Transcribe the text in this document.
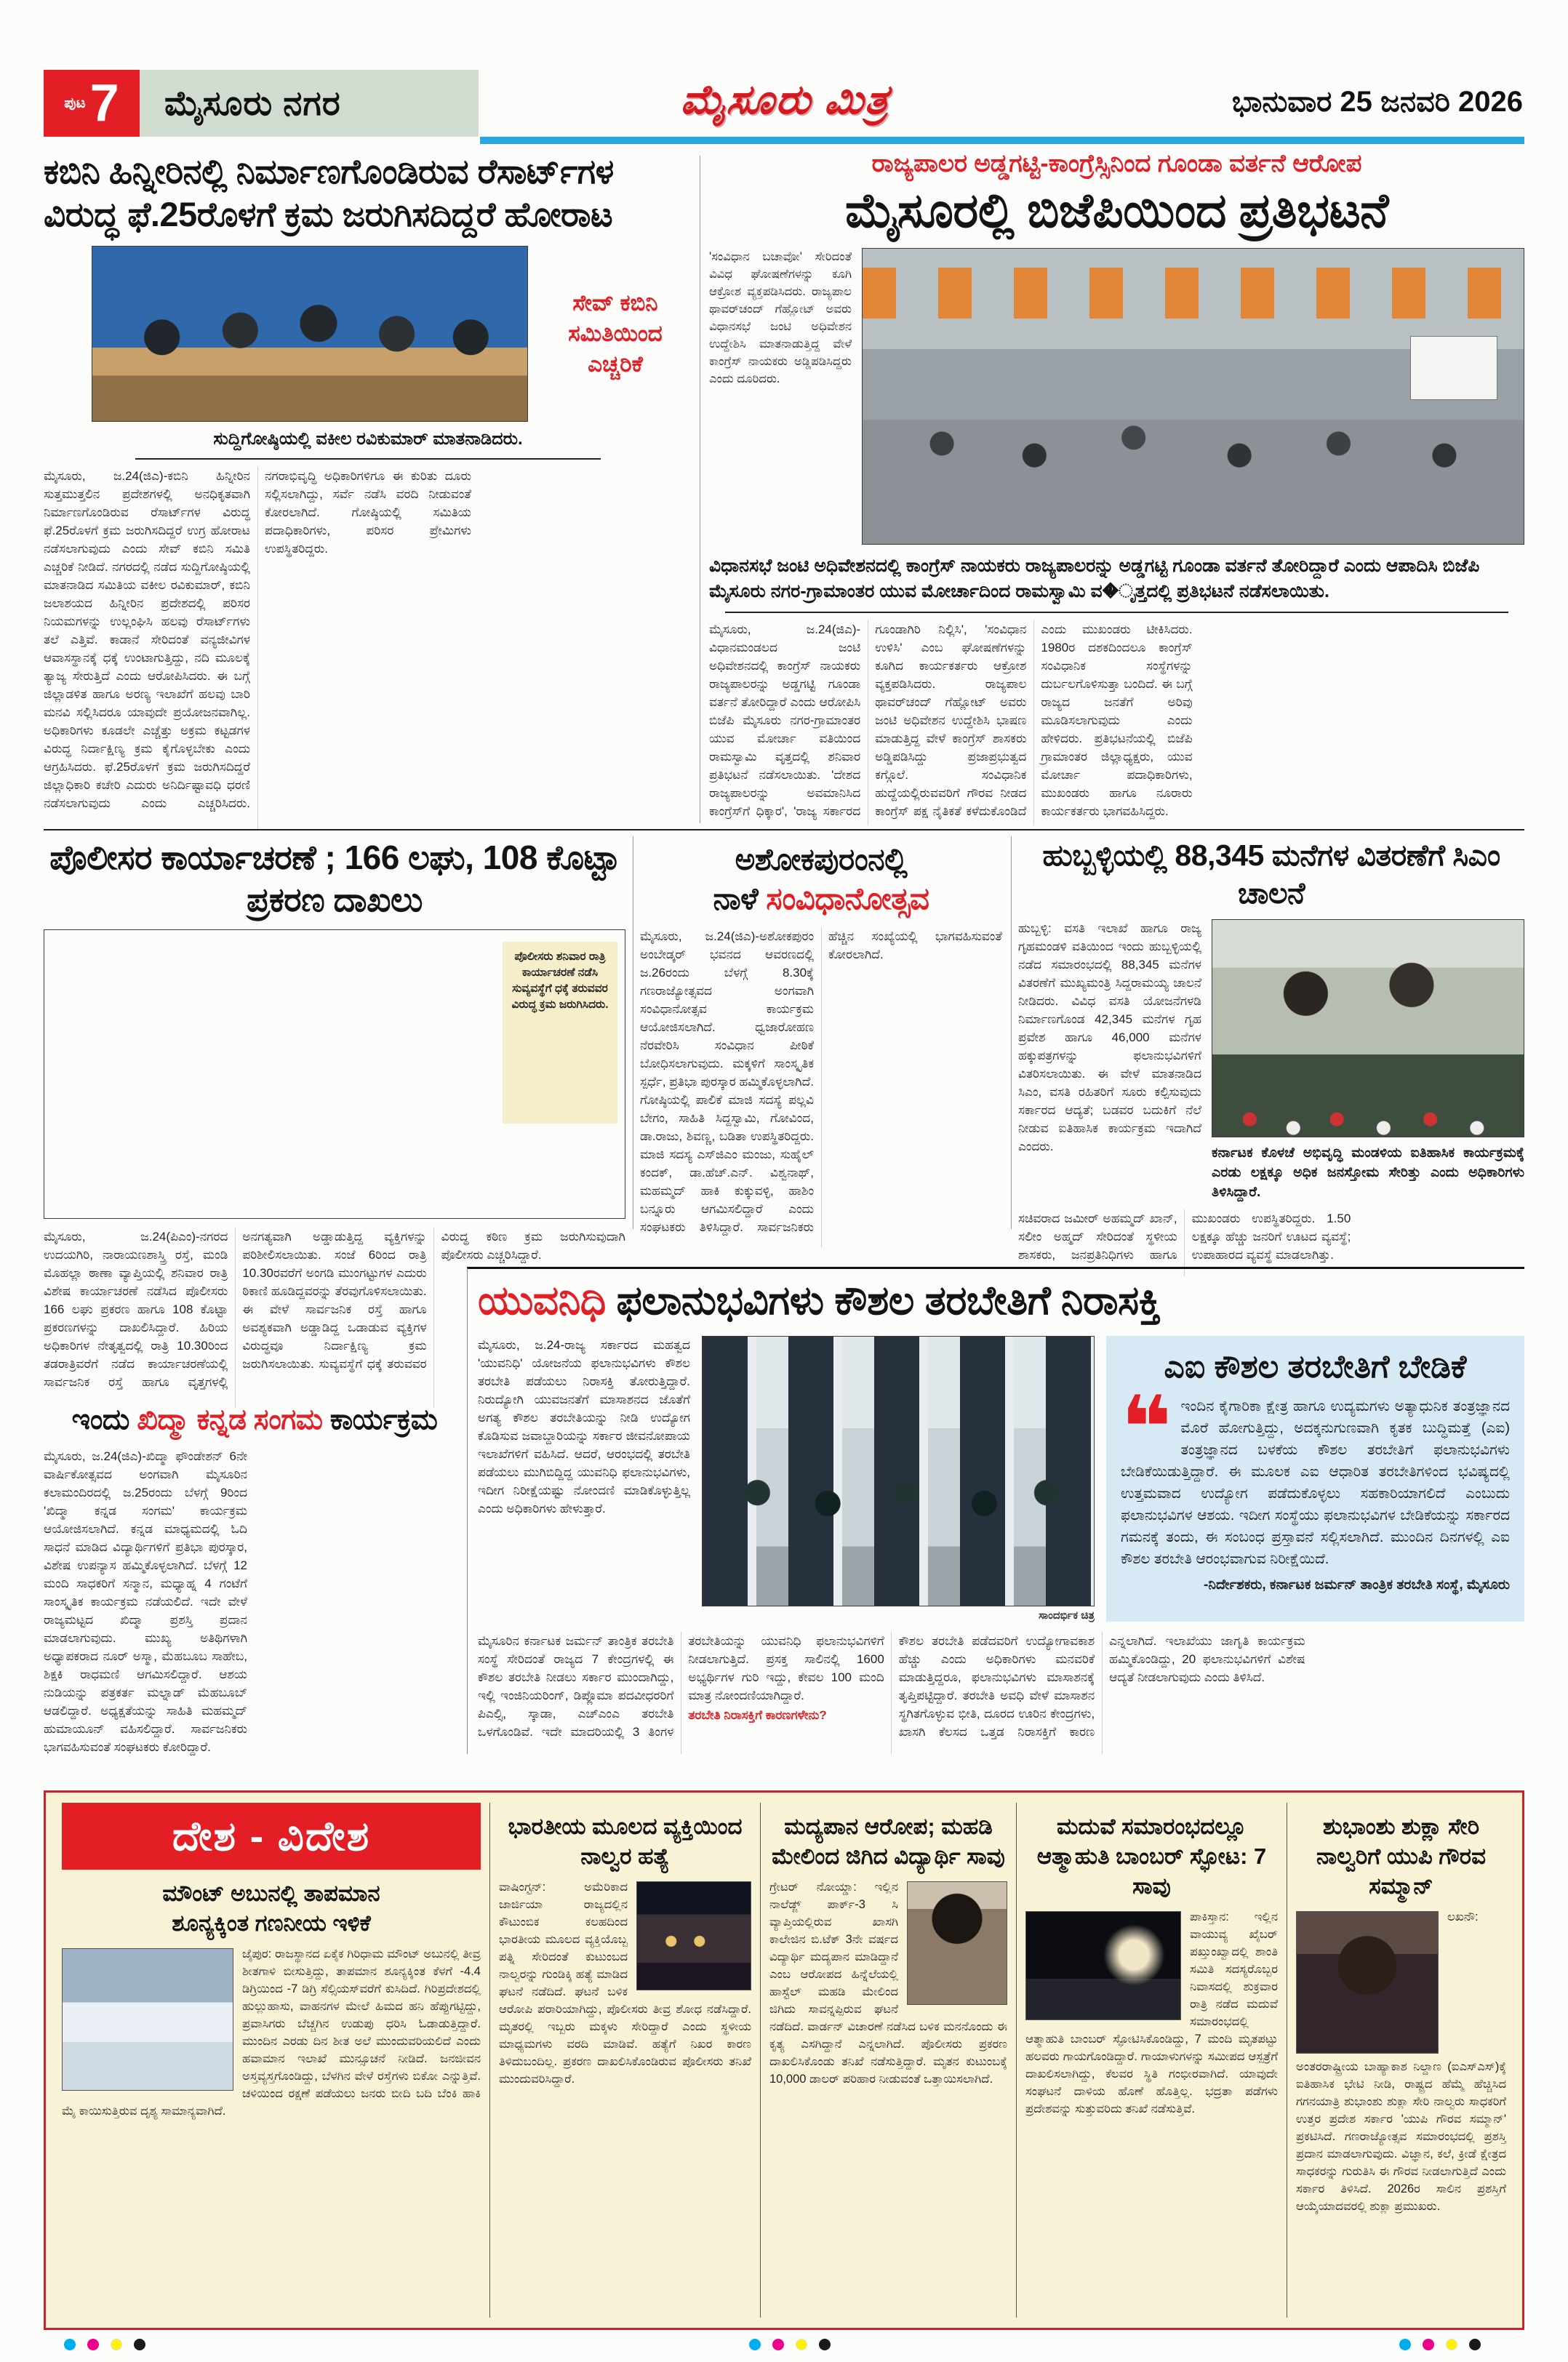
ಪುಟ 7	ಮೈಸೂರು ನಗರ	ಮೈಸೂರು ಮಿತ್ರ	ಭಾನುವಾರ 25 ಜನವರಿ 2026
ಕಬಿನಿ ಹಿನ್ನೀರಿನಲ್ಲಿ ನಿರ್ಮಾಣಗೊಂಡಿರುವ ರೆಸಾರ್ಟ್‌ಗಳ ವಿರುದ್ಧ ಫೆ.25ರೊಳಗೆ ಕ್ರಮ ಜರುಗಿಸದಿದ್ದರೆ ಹೋರಾಟ
ಸೇವ್ ಕಬಿನಿ ಸಮಿತಿಯಿಂದ ಎಚ್ಚರಿಕೆ
ಸುದ್ದಿಗೋಷ್ಠಿಯಲ್ಲಿ ವಕೀಲ ರವಿಕುಮಾರ್ ಮಾತನಾಡಿದರು.
ಮೈಸೂರು, ಜ.24(ಜಿಎ)-ಕಬಿನಿ ಹಿನ್ನೀರಿನ ಸುತ್ತಮುತ್ತಲಿನ ಪ್ರದೇಶಗಳಲ್ಲಿ ಅನಧಿಕೃತವಾಗಿ ನಿರ್ಮಾಣಗೊಂಡಿರುವ ರೆಸಾರ್ಟ್‌ಗಳ ವಿರುದ್ಧ ಫೆ.25ರೊಳಗೆ ಕ್ರಮ ಜರುಗಿಸದಿದ್ದರೆ ಉಗ್ರ ಹೋರಾಟ ನಡೆಸಲಾಗುವುದು ಎಂದು ಸೇವ್ ಕಬಿನಿ ಸಮಿತಿ ಎಚ್ಚರಿಕೆ ನೀಡಿದೆ. ನಗರದಲ್ಲಿ ನಡೆದ ಸುದ್ದಿಗೋಷ್ಠಿಯಲ್ಲಿ ಮಾತನಾಡಿದ ಸಮಿತಿಯ ವಕೀಲ ರವಿಕುಮಾರ್, ಕಬಿನಿ ಜಲಾಶಯದ ಹಿನ್ನೀರಿನ ಪ್ರದೇಶದಲ್ಲಿ ಪರಿಸರ ನಿಯಮಗಳನ್ನು ಉಲ್ಲಂಘಿಸಿ ಹಲವು ರೆಸಾರ್ಟ್‌ಗಳು ತಲೆ ಎತ್ತಿವೆ. ಕಾಡಾನೆ ಸೇರಿದಂತೆ ವನ್ಯಜೀವಿಗಳ ಆವಾಸಸ್ಥಾನಕ್ಕೆ ಧಕ್ಕೆ ಉಂಟಾಗುತ್ತಿದ್ದು, ನದಿ ಮೂಲಕ್ಕೆ ತ್ಯಾಜ್ಯ ಸೇರುತ್ತಿದೆ ಎಂದು ಆರೋಪಿಸಿದರು. ಈ ಬಗ್ಗೆ ಜಿಲ್ಲಾಡಳಿತ ಹಾಗೂ ಅರಣ್ಯ ಇಲಾಖೆಗೆ ಹಲವು ಬಾರಿ ಮನವಿ ಸಲ್ಲಿಸಿದರೂ ಯಾವುದೇ ಪ್ರಯೋಜನವಾಗಿಲ್ಲ. ಅಧಿಕಾರಿಗಳು ಕೂಡಲೇ ಎಚ್ಚೆತ್ತು ಅಕ್ರಮ ಕಟ್ಟಡಗಳ ವಿರುದ್ಧ ನಿರ್ದಾಕ್ಷಿಣ್ಯ ಕ್ರಮ ಕೈಗೊಳ್ಳಬೇಕು ಎಂದು ಆಗ್ರಹಿಸಿದರು. ಫೆ.25ರೊಳಗೆ ಕ್ರಮ ಜರುಗಿಸದಿದ್ದರೆ ಜಿಲ್ಲಾಧಿಕಾರಿ ಕಚೇರಿ ಎದುರು ಅನಿರ್ದಿಷ್ಟಾವಧಿ ಧರಣಿ ನಡೆಸಲಾಗುವುದು ಎಂದು ಎಚ್ಚರಿಸಿದರು. ನಗರಾಭಿವೃದ್ಧಿ ಅಧಿಕಾರಿಗಳಿಗೂ ಈ ಕುರಿತು ದೂರು ಸಲ್ಲಿಸಲಾಗಿದ್ದು, ಸರ್ವೆ ನಡೆಸಿ ವರದಿ ನೀಡುವಂತೆ ಕೋರಲಾಗಿದೆ. ಗೋಷ್ಠಿಯಲ್ಲಿ ಸಮಿತಿಯ ಪದಾಧಿಕಾರಿಗಳು, ಪರಿಸರ ಪ್ರೇಮಿಗಳು ಉಪಸ್ಥಿತರಿದ್ದರು.
ರಾಜ್ಯಪಾಲರ ಅಡ್ಡಗಟ್ಟಿ-ಕಾಂಗ್ರೆಸ್ಸಿನಿಂದ ಗೂಂಡಾ ವರ್ತನೆ ಆರೋಪ
ಮೈಸೂರಲ್ಲಿ ಬಿಜೆಪಿಯಿಂದ ಪ್ರತಿಭಟನೆ
'ಸಂವಿಧಾನ ಬಚಾವೋ' ಸೇರಿದಂತೆ ವಿವಿಧ ಘೋಷಣೆಗಳನ್ನು ಕೂಗಿ ಆಕ್ರೋಶ ವ್ಯಕ್ತಪಡಿಸಿದರು. ರಾಜ್ಯಪಾಲ ಥಾವರ್‌ಚಂದ್ ಗೆಹ್ಲೋಟ್ ಅವರು ವಿಧಾನಸಭೆ ಜಂಟಿ ಅಧಿವೇಶನ ಉದ್ದೇಶಿಸಿ ಮಾತನಾಡುತ್ತಿದ್ದ ವೇಳೆ ಕಾಂಗ್ರೆಸ್ ನಾಯಕರು ಅಡ್ಡಿಪಡಿಸಿದ್ದರು ಎಂದು ದೂರಿದರು.
ವಿಧಾನಸಭೆ ಜಂಟಿ ಅಧಿವೇಶನದಲ್ಲಿ ಕಾಂಗ್ರೆಸ್ ನಾಯಕರು ರಾಜ್ಯಪಾಲರನ್ನು ಅಡ್ಡಗಟ್ಟಿ ಗೂಂಡಾ ವರ್ತನೆ ತೋರಿದ್ದಾರೆ ಎಂದು ಆಪಾದಿಸಿ ಬಿಜೆಪಿ ಮೈಸೂರು ನಗರ-ಗ್ರಾಮಾಂತರ ಯುವ ಮೋರ್ಚಾದಿಂದ ರಾಮಸ್ವಾಮಿ ವ�ೃತ್ತದಲ್ಲಿ ಪ್ರತಿಭಟನೆ ನಡೆಸಲಾಯಿತು.
ಮೈಸೂರು, ಜ.24(ಜಿಎ)-ವಿಧಾನಮಂಡಲದ ಜಂಟಿ ಅಧಿವೇಶನದಲ್ಲಿ ಕಾಂಗ್ರೆಸ್ ನಾಯಕರು ರಾಜ್ಯಪಾಲರನ್ನು ಅಡ್ಡಗಟ್ಟಿ ಗೂಂಡಾ ವರ್ತನೆ ತೋರಿದ್ದಾರೆ ಎಂದು ಆರೋಪಿಸಿ ಬಿಜೆಪಿ ಮೈಸೂರು ನಗರ-ಗ್ರಾಮಾಂತರ ಯುವ ಮೋರ್ಚಾ ವತಿಯಿಂದ ರಾಮಸ್ವಾಮಿ ವೃತ್ತದಲ್ಲಿ ಶನಿವಾರ ಪ್ರತಿಭಟನೆ ನಡೆಸಲಾಯಿತು. 'ದೇಶದ ರಾಜ್ಯಪಾಲರನ್ನು ಅವಮಾನಿಸಿದ ಕಾಂಗ್ರೆಸ್‌ಗೆ ಧಿಕ್ಕಾರ', 'ರಾಜ್ಯ ಸರ್ಕಾರದ ಗೂಂಡಾಗಿರಿ ನಿಲ್ಲಿಸಿ', 'ಸಂವಿಧಾನ ಉಳಿಸಿ' ಎಂಬ ಘೋಷಣೆಗಳನ್ನು ಕೂಗಿದ ಕಾರ್ಯಕರ್ತರು ಆಕ್ರೋಶ ವ್ಯಕ್ತಪಡಿಸಿದರು. ರಾಜ್ಯಪಾಲ ಥಾವರ್‌ಚಂದ್ ಗೆಹ್ಲೋಟ್ ಅವರು ಜಂಟಿ ಅಧಿವೇಶನ ಉದ್ದೇಶಿಸಿ ಭಾಷಣ ಮಾಡುತ್ತಿದ್ದ ವೇಳೆ ಕಾಂಗ್ರೆಸ್ ಶಾಸಕರು ಅಡ್ಡಿಪಡಿಸಿದ್ದು ಪ್ರಜಾಪ್ರಭುತ್ವದ ಕಗ್ಗೊಲೆ. ಸಂವಿಧಾನಿಕ ಹುದ್ದೆಯಲ್ಲಿರುವವರಿಗೆ ಗೌರವ ನೀಡದ ಕಾಂಗ್ರೆಸ್ ಪಕ್ಷ ನೈತಿಕತೆ ಕಳೆದುಕೊಂಡಿದೆ ಎಂದು ಮುಖಂಡರು ಟೀಕಿಸಿದರು. 1980ರ ದಶಕದಿಂದಲೂ ಕಾಂಗ್ರೆಸ್ ಸಂವಿಧಾನಿಕ ಸಂಸ್ಥೆಗಳನ್ನು ದುರ್ಬಲಗೊಳಿಸುತ್ತಾ ಬಂದಿದೆ. ಈ ಬಗ್ಗೆ ರಾಜ್ಯದ ಜನತೆಗೆ ಅರಿವು ಮೂಡಿಸಲಾಗುವುದು ಎಂದು ಹೇಳಿದರು. ಪ್ರತಿಭಟನೆಯಲ್ಲಿ ಬಿಜೆಪಿ ಗ್ರಾಮಾಂತರ ಜಿಲ್ಲಾಧ್ಯಕ್ಷರು, ಯುವ ಮೋರ್ಚಾ ಪದಾಧಿಕಾರಿಗಳು, ಮುಖಂಡರು ಹಾಗೂ ನೂರಾರು ಕಾರ್ಯಕರ್ತರು ಭಾಗವಹಿಸಿದ್ದರು.
ಪೊಲೀಸರ ಕಾರ್ಯಾಚರಣೆ ; 166 ಲಘು, 108 ಕೊಟ್ಟಾ ಪ್ರಕರಣ ದಾಖಲು
ಪೊಲೀಸರು ಶನಿವಾರ ರಾತ್ರಿ ಕಾರ್ಯಾಚರಣೆ ನಡೆಸಿ ಸುವ್ಯವಸ್ಥೆಗೆ ಧಕ್ಕೆ ತರುವವರ ವಿರುದ್ಧ ಕ್ರಮ ಜರುಗಿಸಿದರು.
ಮೈಸೂರು, ಜ.24(ಪಿಎಂ)-ನಗರದ ಉದಯಗಿರಿ, ನಾರಾಯಣಶಾಸ್ತ್ರಿ ರಸ್ತೆ, ಮಂಡಿ ಮೊಹಲ್ಲಾ ಠಾಣಾ ವ್ಯಾಪ್ತಿಯಲ್ಲಿ ಶನಿವಾರ ರಾತ್ರಿ ವಿಶೇಷ ಕಾರ್ಯಾಚರಣೆ ನಡೆಸಿದ ಪೊಲೀಸರು 166 ಲಘು ಪ್ರಕರಣ ಹಾಗೂ 108 ಕೊಟ್ಟಾ ಪ್ರಕರಣಗಳನ್ನು ದಾಖಲಿಸಿದ್ದಾರೆ. ಹಿರಿಯ ಅಧಿಕಾರಿಗಳ ನೇತೃತ್ವದಲ್ಲಿ ರಾತ್ರಿ 10.30ರಿಂದ ತಡರಾತ್ರಿವರೆಗೆ ನಡೆದ ಕಾರ್ಯಾಚರಣೆಯಲ್ಲಿ ಸಾರ್ವಜನಿಕ ರಸ್ತೆ ಹಾಗೂ ವೃತ್ತಗಳಲ್ಲಿ ಅನಗತ್ಯವಾಗಿ ಅಡ್ಡಾಡುತ್ತಿದ್ದ ವ್ಯಕ್ತಿಗಳನ್ನು ಪರಿಶೀಲಿಸಲಾಯಿತು. ಸಂಜೆ 6ರಿಂದ ರಾತ್ರಿ 10.30ರವರೆಗೆ ಅಂಗಡಿ ಮುಂಗಟ್ಟುಗಳ ಎದುರು ಠಿಕಾಣಿ ಹೂಡಿದ್ದವರನ್ನು ತೆರವುಗೊಳಿಸಲಾಯಿತು. ಈ ವೇಳೆ ಸಾರ್ವಜನಿಕ ರಸ್ತೆ ಹಾಗೂ ಅವಶ್ಯಕವಾಗಿ ಅಡ್ಡಾಡಿದ್ದ ಒಡಾಡುವ ವ್ಯಕ್ತಿಗಳ ವಿರುದ್ಧವೂ ನಿರ್ದಾಕ್ಷಿಣ್ಯ ಕ್ರಮ ಜರುಗಿಸಲಾಯಿತು. ಸುವ್ಯವಸ್ಥೆಗೆ ಧಕ್ಕೆ ತರುವವರ ವಿರುದ್ಧ ಕಠಿಣ ಕ್ರಮ ಜರುಗಿಸುವುದಾಗಿ ಪೊಲೀಸರು ಎಚ್ಚರಿಸಿದ್ದಾರೆ.
ಅಶೋಕಪುರಂನಲ್ಲಿ
ನಾಳೆ ಸಂವಿಧಾನೋತ್ಸವ
ಮೈಸೂರು, ಜ.24(ಜಿಎ)-ಅಶೋಕಪುರಂ ಅಂಬೇಡ್ಕರ್ ಭವನದ ಆವರಣದಲ್ಲಿ ಜ.26ರಂದು ಬೆಳಗ್ಗೆ 8.30ಕ್ಕೆ ಗಣರಾಜ್ಯೋತ್ಸವದ ಅಂಗವಾಗಿ ಸಂವಿಧಾನೋತ್ಸವ ಕಾರ್ಯಕ್ರಮ ಆಯೋಜಿಸಲಾಗಿದೆ. ಧ್ವಜಾರೋಹಣ ನೆರವೇರಿಸಿ ಸಂವಿಧಾನ ಪೀಠಿಕೆ ಬೋಧಿಸಲಾಗುವುದು. ಮಕ್ಕಳಿಗೆ ಸಾಂಸ್ಕೃತಿಕ ಸ್ಪರ್ಧೆ, ಪ್ರತಿಭಾ ಪುರಸ್ಕಾರ ಹಮ್ಮಿಕೊಳ್ಳಲಾಗಿದೆ. ಗೋಷ್ಠಿಯಲ್ಲಿ ಪಾಲಿಕೆ ಮಾಜಿ ಸದಸ್ಯೆ ಪಲ್ಲವಿ ಬೇಗಂ, ಸಾಹಿತಿ ಸಿದ್ದಸ್ವಾಮಿ, ಗೋವಿಂದ, ಡಾ.ರಾಜು, ಶಿವಣ್ಣ, ಬಡಿತಾ ಉಪಸ್ಥಿತರಿದ್ದರು. ಮಾಜಿ ಸದಸ್ಯ ಎಸ್‌ಜಿಎಂ ಮಂಜು, ಸುಹೈಲ್ ಕಂದಕ್, ಡಾ.ಹೆಚ್.ಎನ್. ವಿಶ್ವನಾಥ್, ಮಹಮ್ಮದ್ ಹಾಕಿ ಕುಕ್ಕುವಳ್ಳಿ, ಹಾಶಿಂ ಬನ್ನೂರು ಆಗಮಿಸಲಿದ್ದಾರೆ ಎಂದು ಸಂಘಟಕರು ತಿಳಿಸಿದ್ದಾರೆ. ಸಾರ್ವಜನಿಕರು ಹೆಚ್ಚಿನ ಸಂಖ್ಯೆಯಲ್ಲಿ ಭಾಗವಹಿಸುವಂತೆ ಕೋರಲಾಗಿದೆ.
ಹುಬ್ಬಳ್ಳಿಯಲ್ಲಿ 88,345 ಮನೆಗಳ ವಿತರಣೆಗೆ ಸಿಎಂ ಚಾಲನೆ
ಹುಬ್ಬಳ್ಳಿ: ವಸತಿ ಇಲಾಖೆ ಹಾಗೂ ರಾಜ್ಯ ಗೃಹಮಂಡಳಿ ವತಿಯಿಂದ ಇಂದು ಹುಬ್ಬಳ್ಳಿಯಲ್ಲಿ ನಡೆದ ಸಮಾರಂಭದಲ್ಲಿ 88,345 ಮನೆಗಳ ವಿತರಣೆಗೆ ಮುಖ್ಯಮಂತ್ರಿ ಸಿದ್ದರಾಮಯ್ಯ ಚಾಲನೆ ನೀಡಿದರು. ವಿವಿಧ ವಸತಿ ಯೋಜನೆಗಳಡಿ ನಿರ್ಮಾಣಗೊಂಡ 42,345 ಮನೆಗಳ ಗೃಹ ಪ್ರವೇಶ ಹಾಗೂ 46,000 ಮನೆಗಳ ಹಕ್ಕುಪತ್ರಗಳನ್ನು ಫಲಾನುಭವಿಗಳಿಗೆ ವಿತರಿಸಲಾಯಿತು. ಈ ವೇಳೆ ಮಾತನಾಡಿದ ಸಿಎಂ, ವಸತಿ ರಹಿತರಿಗೆ ಸೂರು ಕಲ್ಪಿಸುವುದು ಸರ್ಕಾರದ ಆದ್ಯತೆ; ಬಡವರ ಬದುಕಿಗೆ ನೆಲೆ ನೀಡುವ ಐತಿಹಾಸಿಕ ಕಾರ್ಯಕ್ರಮ ಇದಾಗಿದೆ ಎಂದರು.	ಕರ್ನಾಟಕ ಕೊಳಚೆ ಅಭಿವೃದ್ಧಿ ಮಂಡಳಿಯ ಐತಿಹಾಸಿಕ ಕಾರ್ಯಕ್ರಮಕ್ಕೆ ಎರಡು ಲಕ್ಷಕ್ಕೂ ಅಧಿಕ ಜನಸ್ತೋಮ ಸೇರಿತ್ತು ಎಂದು ಅಧಿಕಾರಿಗಳು ತಿಳಿಸಿದ್ದಾರೆ.
ಸಚಿವರಾದ ಜಮೀರ್ ಅಹಮ್ಮದ್ ಖಾನ್, ಸಲೀಂ ಅಹ್ಮದ್ ಸೇರಿದಂತೆ ಸ್ಥಳೀಯ ಶಾಸಕರು, ಜನಪ್ರತಿನಿಧಿಗಳು ಹಾಗೂ ಮುಖಂಡರು ಉಪಸ್ಥಿತರಿದ್ದರು. 1.50 ಲಕ್ಷಕ್ಕೂ ಹೆಚ್ಚು ಜನರಿಗೆ ಊಟದ ವ್ಯವಸ್ಥೆ; ಉಪಾಹಾರದ ವ್ಯವಸ್ಥೆ ಮಾಡಲಾಗಿತ್ತು.
ಯುವನಿಧಿ ಫಲಾನುಭವಿಗಳು ಕೌಶಲ ತರಬೇತಿಗೆ ನಿರಾಸಕ್ತಿ
ಮೈಸೂರು, ಜ.24-ರಾಜ್ಯ ಸರ್ಕಾರದ ಮಹತ್ವದ 'ಯುವನಿಧಿ' ಯೋಜನೆಯ ಫಲಾನುಭವಿಗಳು ಕೌಶಲ ತರಬೇತಿ ಪಡೆಯಲು ನಿರಾಸಕ್ತಿ ತೋರುತ್ತಿದ್ದಾರೆ. ನಿರುದ್ಯೋಗಿ ಯುವಜನತೆಗೆ ಮಾಸಾಶನದ ಜೊತೆಗೆ ಅಗತ್ಯ ಕೌಶಲ ತರಬೇತಿಯನ್ನು ನೀಡಿ ಉದ್ಯೋಗ ಕೊಡಿಸುವ ಜವಾಬ್ದಾರಿಯನ್ನು ಸರ್ಕಾರ ಜೀವನೋಪಾಯ ಇಲಾಖೆಗಳಿಗೆ ವಹಿಸಿದೆ. ಆದರೆ, ಆರಂಭದಲ್ಲಿ ತರಬೇತಿ ಪಡೆಯಲು ಮುಗಿಬಿದ್ದಿದ್ದ ಯುವನಿಧಿ ಫಲಾನುಭವಿಗಳು, ಇದೀಗ ನಿರೀಕ್ಷೆಯಷ್ಟು ನೋಂದಣಿ ಮಾಡಿಕೊಳ್ಳುತ್ತಿಲ್ಲ ಎಂದು ಅಧಿಕಾರಿಗಳು ಹೇಳುತ್ತಾರೆ.
ಸಾಂದರ್ಭಿಕ ಚಿತ್ರ
ಎಐ ಕೌಶಲ ತರಬೇತಿಗೆ ಬೇಡಿಕೆ
❝ ಇಂದಿನ ಕೈಗಾರಿಕಾ ಕ್ಷೇತ್ರ ಹಾಗೂ ಉದ್ಯಮಗಳು ಅತ್ಯಾಧುನಿಕ ತಂತ್ರಜ್ಞಾನದ ಮೊರೆ ಹೋಗುತ್ತಿದ್ದು, ಅದಕ್ಕನುಗುಣವಾಗಿ ಕೃತಕ ಬುದ್ಧಿಮತ್ತೆ (ಎಐ) ತಂತ್ರಜ್ಞಾನದ ಬಳಕೆಯ ಕೌಶಲ ತರಬೇತಿಗೆ ಫಲಾನುಭವಿಗಳು ಬೇಡಿಕೆಯಿಡುತ್ತಿದ್ದಾರೆ. ಈ ಮೂಲಕ ಎಐ ಆಧಾರಿತ ತರಬೇತಿಗಳಿಂದ ಭವಿಷ್ಯದಲ್ಲಿ ಉತ್ತಮವಾದ ಉದ್ಯೋಗ ಪಡೆದುಕೊಳ್ಳಲು ಸಹಕಾರಿಯಾಗಲಿದೆ ಎಂಬುದು ಫಲಾನುಭವಿಗಳ ಆಶಯ. ಇದೀಗ ಸಂಸ್ಥೆಯು ಫಲಾನುಭವಿಗಳ ಬೇಡಿಕೆಯನ್ನು ಸರ್ಕಾರದ ಗಮನಕ್ಕೆ ತಂದು, ಈ ಸಂಬಂಧ ಪ್ರಸ್ತಾವನೆ ಸಲ್ಲಿಸಲಾಗಿದೆ. ಮುಂದಿನ ದಿನಗಳಲ್ಲಿ ಎಐ ಕೌಶಲ ತರಬೇತಿ ಆರಂಭವಾಗುವ ನಿರೀಕ್ಷೆಯಿದೆ.

-ನಿರ್ದೇಶಕರು, ಕರ್ನಾಟಕ ಜರ್ಮನ್ ತಾಂತ್ರಿಕ ತರಬೇತಿ ಸಂಸ್ಥೆ, ಮೈಸೂರು

ಮೈಸೂರಿನ ಕರ್ನಾಟಕ ಜರ್ಮನ್ ತಾಂತ್ರಿಕ ತರಬೇತಿ ಸಂಸ್ಥೆ ಸೇರಿದಂತೆ ರಾಜ್ಯದ 7 ಕೇಂದ್ರಗಳಲ್ಲಿ ಈ ಕೌಶಲ ತರಬೇತಿ ನೀಡಲು ಸರ್ಕಾರ ಮುಂದಾಗಿದ್ದು, ಇಲ್ಲಿ ಇಂಜಿನಿಯರಿಂಗ್, ಡಿಪ್ಲೊಮಾ ಪದವೀಧರರಿಗೆ ಪಿಎಲ್ಸಿ, ಸ್ಕಾಡಾ, ಎಚ್‌ಎಂಎ ತರಬೇತಿ ಒಳಗೊಂಡಿವೆ. ಇದೇ ಮಾದರಿಯಲ್ಲಿ 3 ತಿಂಗಳ ತರಬೇತಿಯನ್ನು ಯುವನಿಧಿ ಫಲಾನುಭವಿಗಳಿಗೆ ನೀಡಲಾಗುತ್ತಿದೆ. ಪ್ರಸಕ್ತ ಸಾಲಿನಲ್ಲಿ 1600 ಅಭ್ಯರ್ಥಿಗಳ ಗುರಿ ಇದ್ದು, ಕೇವಲ 100 ಮಂದಿ ಮಾತ್ರ ನೋಂದಣಿಯಾಗಿದ್ದಾರೆ.

ತರಬೇತಿ ನಿರಾಸಕ್ತಿಗೆ ಕಾರಣಗಳೇನು?

ಕೌಶಲ ತರಬೇತಿ ಪಡೆದವರಿಗೆ ಉದ್ಯೋಗಾವಕಾಶ ಹೆಚ್ಚು ಎಂದು ಅಧಿಕಾರಿಗಳು ಮನವರಿಕೆ ಮಾಡುತ್ತಿದ್ದರೂ, ಫಲಾನುಭವಿಗಳು ಮಾಸಾಶನಕ್ಕೆ ತೃಪ್ತಿಪಟ್ಟಿದ್ದಾರೆ. ತರಬೇತಿ ಅವಧಿ ವೇಳೆ ಮಾಸಾಶನ ಸ್ಥಗಿತಗೊಳ್ಳುವ ಭೀತಿ, ದೂರದ ಊರಿನ ಕೇಂದ್ರಗಳು, ಖಾಸಗಿ ಕೆಲಸದ ಒತ್ತಡ ನಿರಾಸಕ್ತಿಗೆ ಕಾರಣ ಎನ್ನಲಾಗಿದೆ. ಇಲಾಖೆಯು ಜಾಗೃತಿ ಕಾರ್ಯಕ್ರಮ ಹಮ್ಮಿಕೊಂಡಿದ್ದು, 20 ಫಲಾನುಭವಿಗಳಿಗೆ ವಿಶೇಷ ಆದ್ಯತೆ ನೀಡಲಾಗುವುದು ಎಂದು ತಿಳಿಸಿದೆ.

ಇಂದು ಖಿದ್ಮಾ ಕನ್ನಡ ಸಂಗಮ ಕಾರ್ಯಕ್ರಮ
ಮೈಸೂರು, ಜ.24(ಜಿಎ)-ಖಿದ್ಮಾ ಫೌಂಡೇಶನ್ 6ನೇ ವಾರ್ಷಿಕೋತ್ಸವದ ಅಂಗವಾಗಿ ಮೈಸೂರಿನ ಕಲಾಮಂದಿರದಲ್ಲಿ ಜ.25ರಂದು ಬೆಳಗ್ಗೆ 9ರಿಂದ 'ಖಿದ್ಮಾ ಕನ್ನಡ ಸಂಗಮ' ಕಾರ್ಯಕ್ರಮ ಆಯೋಜಿಸಲಾಗಿದೆ. ಕನ್ನಡ ಮಾಧ್ಯಮದಲ್ಲಿ ಓದಿ ಸಾಧನೆ ಮಾಡಿದ ವಿದ್ಯಾರ್ಥಿಗಳಿಗೆ ಪ್ರತಿಭಾ ಪುರಸ್ಕಾರ, ವಿಶೇಷ ಉಪನ್ಯಾಸ ಹಮ್ಮಿಕೊಳ್ಳಲಾಗಿದೆ. ಬೆಳಗ್ಗೆ 12 ಮಂದಿ ಸಾಧಕರಿಗೆ ಸನ್ಮಾನ, ಮಧ್ಯಾಹ್ನ 4 ಗಂಟೆಗೆ ಸಾಂಸ್ಕೃತಿಕ ಕಾರ್ಯಕ್ರಮ ನಡೆಯಲಿದೆ. ಇದೇ ವೇಳೆ ರಾಜ್ಯಮಟ್ಟದ ಖಿದ್ಮಾ ಪ್ರಶಸ್ತಿ ಪ್ರದಾನ ಮಾಡಲಾಗುವುದು. ಮುಖ್ಯ ಅತಿಥಿಗಳಾಗಿ ಅಧ್ಯಾಪಕರಾದ ನೂರ್ ಅಸ್ಮಾ, ಮೆಹಬೂಬ ಸಾಹೇಬ, ಶಿಕ್ಷಕಿ ರಾಧಮಣಿ ಆಗಮಿಸಲಿದ್ದಾರೆ. ಆಶಯ ನುಡಿಯನ್ನು ಪತ್ರಕರ್ತ ಮಲ್ನಾಡ್ ಮೆಹಬೂಬ್ ಆಡಲಿದ್ದಾರೆ. ಅಧ್ಯಕ್ಷತೆಯನ್ನು ಸಾಹಿತಿ ಮಹಮ್ಮದ್ ಹುಮಾಯೂನ್ ವಹಿಸಲಿದ್ದಾರೆ. ಸಾರ್ವಜನಿಕರು ಭಾಗವಹಿಸುವಂತೆ ಸಂಘಟಕರು ಕೋರಿದ್ದಾರೆ.
ದೇಶ - ವಿದೇಶ
ಮೌಂಟ್ ಅಬುನಲ್ಲಿ ತಾಪಮಾನ
ಶೂನ್ಯಕ್ಕಿಂತ ಗಣನೀಯ ಇಳಿಕೆ
ಜೈಪುರ: ರಾಜಸ್ಥಾನದ ಏಕೈಕ ಗಿರಿಧಾಮ ಮೌಂಟ್ ಅಬುನಲ್ಲಿ ತೀವ್ರ ಶೀತಗಾಳಿ ಬೀಸುತ್ತಿದ್ದು, ತಾಪಮಾನ ಶೂನ್ಯಕ್ಕಿಂತ ಕೆಳಗೆ -4.4 ಡಿಗ್ರಿಯಿಂದ -7 ಡಿಗ್ರಿ ಸೆಲ್ಸಿಯಸ್‌ವರೆಗೆ ಕುಸಿದಿದೆ. ಗಿರಿಪ್ರದೇಶದಲ್ಲಿ ಹುಲ್ಲುಹಾಸು, ವಾಹನಗಳ ಮೇಲೆ ಹಿಮದ ಹನಿ ಹೆಪ್ಪುಗಟ್ಟಿದ್ದು, ಪ್ರವಾಸಿಗರು ಬೆಚ್ಚಗಿನ ಉಡುಪು ಧರಿಸಿ ಓಡಾಡುತ್ತಿದ್ದಾರೆ. ಮುಂದಿನ ಎರಡು ದಿನ ಶೀತ ಅಲೆ ಮುಂದುವರಿಯಲಿದೆ ಎಂದು ಹವಾಮಾನ ಇಲಾಖೆ ಮುನ್ಸೂಚನೆ ನೀಡಿದೆ. ಜನಜೀವನ ಅಸ್ತವ್ಯಸ್ತಗೊಂಡಿದ್ದು, ಬೆಳಗಿನ ವೇಳೆ ರಸ್ತೆಗಳು ಬಿಕೋ ಎನ್ನುತ್ತಿವೆ. ಚಳಿಯಿಂದ ರಕ್ಷಣೆ ಪಡೆಯಲು ಜನರು ಬೀದಿ ಬದಿ ಬೆಂಕಿ ಹಾಕಿ ಮೈ ಕಾಯಿಸುತ್ತಿರುವ ದೃಶ್ಯ ಸಾಮಾನ್ಯವಾಗಿದೆ.
ಭಾರತೀಯ ಮೂಲದ ವ್ಯಕ್ತಿಯಿಂದ ನಾಲ್ವರ ಹತ್ಯೆ
ವಾಷಿಂಗ್ಟನ್: ಅಮೆರಿಕಾದ ಜಾರ್ಜಿಯಾ ರಾಜ್ಯದಲ್ಲಿನ ಕೌಟುಂಬಿಕ ಕಲಹದಿಂದ ಭಾರತೀಯ ಮೂಲದ ವ್ಯಕ್ತಿಯೊಬ್ಬ ಪತ್ನಿ ಸೇರಿದಂತೆ ಕುಟುಂಬದ ನಾಲ್ವರನ್ನು ಗುಂಡಿಕ್ಕಿ ಹತ್ಯೆ ಮಾಡಿದ ಘಟನೆ ನಡೆದಿದೆ. ಘಟನೆ ಬಳಿಕ ಆರೋಪಿ ಪರಾರಿಯಾಗಿದ್ದು, ಪೊಲೀಸರು ತೀವ್ರ ಶೋಧ ನಡೆಸಿದ್ದಾರೆ. ಮೃತರಲ್ಲಿ ಇಬ್ಬರು ಮಕ್ಕಳು ಸೇರಿದ್ದಾರೆ ಎಂದು ಸ್ಥಳೀಯ ಮಾಧ್ಯಮಗಳು ವರದಿ ಮಾಡಿವೆ. ಹತ್ಯೆಗೆ ನಿಖರ ಕಾರಣ ತಿಳಿದುಬಂದಿಲ್ಲ. ಪ್ರಕರಣ ದಾಖಲಿಸಿಕೊಂಡಿರುವ ಪೊಲೀಸರು ತನಿಖೆ ಮುಂದುವರಿಸಿದ್ದಾರೆ.
ಮದ್ಯಪಾನ ಆರೋಪ; ಮಹಡಿ ಮೇಲಿಂದ ಜಿಗಿದ ವಿದ್ಯಾರ್ಥಿ ಸಾವು
ಗ್ರೇಟರ್ ನೋಯ್ಡಾ: ಇಲ್ಲಿನ ನಾಲೆಡ್ಜ್ ಪಾರ್ಕ್-3 ಸಿ ವ್ಯಾಪ್ತಿಯಲ್ಲಿರುವ ಖಾಸಗಿ ಕಾಲೇಜಿನ ಬಿ.ಟೆಕ್ 3ನೇ ವರ್ಷದ ವಿದ್ಯಾರ್ಥಿ ಮದ್ಯಪಾನ ಮಾಡಿದ್ದಾನೆ ಎಂಬ ಆರೋಪದ ಹಿನ್ನೆಲೆಯಲ್ಲಿ ಹಾಸ್ಟೆಲ್ ಮಹಡಿ ಮೇಲಿಂದ ಜಿಗಿದು ಸಾವನ್ನಪ್ಪಿರುವ ಘಟನೆ ನಡೆದಿದೆ. ವಾರ್ಡನ್ ವಿಚಾರಣೆ ನಡೆಸಿದ ಬಳಿಕ ಮನನೊಂದು ಈ ಕೃತ್ಯ ಎಸಗಿದ್ದಾನೆ ಎನ್ನಲಾಗಿದೆ. ಪೊಲೀಸರು ಪ್ರಕರಣ ದಾಖಲಿಸಿಕೊಂಡು ತನಿಖೆ ನಡೆಸುತ್ತಿದ್ದಾರೆ. ಮೃತನ ಕುಟುಂಬಕ್ಕೆ 10,000 ಡಾಲರ್ ಪರಿಹಾರ ನೀಡುವಂತೆ ಒತ್ತಾಯಿಸಲಾಗಿದೆ.
ಮದುವೆ ಸಮಾರಂಭದಲ್ಲೂ ಆತ್ಮಾಹುತಿ ಬಾಂಬರ್ ಸ್ಫೋಟ: 7 ಸಾವು
ಪಾಕಿಸ್ತಾನ: ಇಲ್ಲಿನ ವಾಯುವ್ಯ ಖೈಬರ್ ಪಖ್ತುಂಖ್ವಾದಲ್ಲಿ ಶಾಂತಿ ಸಮಿತಿ ಸದಸ್ಯರೊಬ್ಬರ ನಿವಾಸದಲ್ಲಿ ಶುಕ್ರವಾರ ರಾತ್ರಿ ನಡೆದ ಮದುವೆ ಸಮಾರಂಭದಲ್ಲಿ ಆತ್ಮಾಹುತಿ ಬಾಂಬರ್ ಸ್ಫೋಟಿಸಿಕೊಂಡಿದ್ದು, 7 ಮಂದಿ ಮೃತಪಟ್ಟು ಹಲವರು ಗಾಯಗೊಂಡಿದ್ದಾರೆ. ಗಾಯಾಳುಗಳನ್ನು ಸಮೀಪದ ಆಸ್ಪತ್ರೆಗೆ ದಾಖಲಿಸಲಾಗಿದ್ದು, ಕೆಲವರ ಸ್ಥಿತಿ ಗಂಭೀರವಾಗಿದೆ. ಯಾವುದೇ ಸಂಘಟನೆ ದಾಳಿಯ ಹೊಣೆ ಹೊತ್ತಿಲ್ಲ. ಭದ್ರತಾ ಪಡೆಗಳು ಪ್ರದೇಶವನ್ನು ಸುತ್ತುವರಿದು ತನಿಖೆ ನಡೆಸುತ್ತಿವೆ.
ಶುಭಾಂಶು ಶುಕ್ಲಾ ಸೇರಿ ನಾಲ್ವರಿಗೆ ಯುಪಿ ಗೌರವ ಸಮ್ಮಾನ್
ಲಖನೌ: ಅಂತರರಾಷ್ಟ್ರೀಯ ಬಾಹ್ಯಾಕಾಶ ನಿಲ್ದಾಣ (ಐಎಸ್‌ಎಸ್)ಕ್ಕೆ ಐತಿಹಾಸಿಕ ಭೇಟಿ ನೀಡಿ, ರಾಷ್ಟ್ರದ ಹೆಮ್ಮೆ ಹೆಚ್ಚಿಸಿದ ಗಗನಯಾತ್ರಿ ಶುಭಾಂಶು ಶುಕ್ಲಾ ಸೇರಿ ನಾಲ್ವರು ಸಾಧಕರಿಗೆ ಉತ್ತರ ಪ್ರದೇಶ ಸರ್ಕಾರ 'ಯುಪಿ ಗೌರವ ಸಮ್ಮಾನ್' ಪ್ರಕಟಿಸಿದೆ. ಗಣರಾಜ್ಯೋತ್ಸವ ಸಮಾರಂಭದಲ್ಲಿ ಪ್ರಶಸ್ತಿ ಪ್ರದಾನ ಮಾಡಲಾಗುವುದು. ವಿಜ್ಞಾನ, ಕಲೆ, ಕ್ರೀಡೆ ಕ್ಷೇತ್ರದ ಸಾಧಕರನ್ನು ಗುರುತಿಸಿ ಈ ಗೌರವ ನೀಡಲಾಗುತ್ತಿದೆ ಎಂದು ಸರ್ಕಾರ ತಿಳಿಸಿದೆ. 2026ರ ಸಾಲಿನ ಪ್ರಶಸ್ತಿಗೆ ಆಯ್ಕೆಯಾದವರಲ್ಲಿ ಶುಕ್ಲಾ ಪ್ರಮುಖರು.
